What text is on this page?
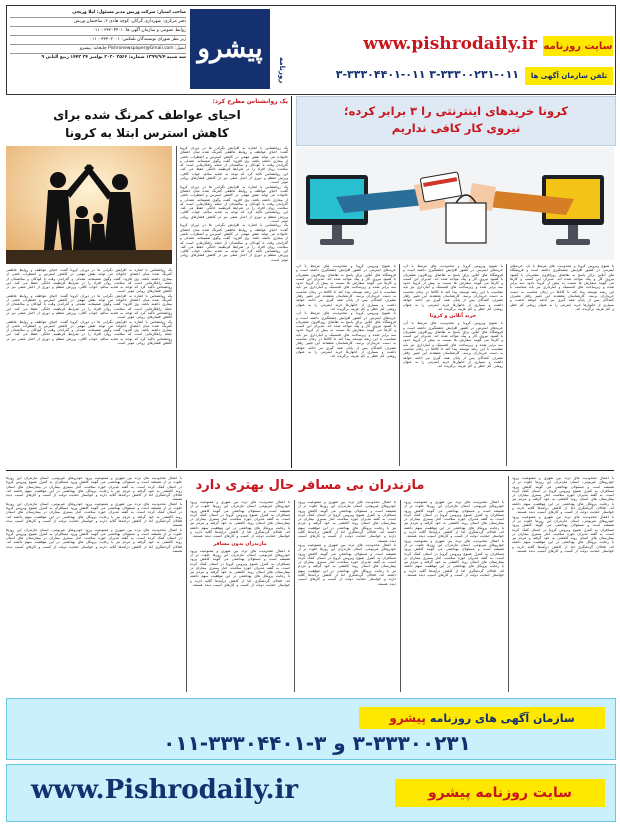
صاحب امتیاز: شرکت ورنش مدیر مسئول: لیلا وریجی
دفتر مرکزی: شهرداری گرگان، کوچه هادی ۲، ساختمان ورنش
روابط عمومی و سازمان آگهی ها: ۳۳۳۰۴۴۰۱ - ۰۱۱
زیر نظر شورای نویسندگان تلفکس: ۳۳۳۰۲۰۰۱ - ۰۱۱
ایمیل: Pishronewspaper@Gmail.com چاپخانه: پیشرو
سه شنبه ۱۳۹۹/۹/۴ شماره: ۲۵۶۶ ۲۰۲۰ نوامبر ۲۴ ۱۴۴۲ ربیع الثانی ۹ پیشرو
روزنامه
سایت روزنامه
www.pishrodaily.ir
تلفن سازمان آگهی ها
۳-۳۳۳۰۰۲۳۱-۰۱۱ ۳-۳۳۳۰۴۴۰۱-۰۱۱
کرونا خریدهای اینترنتی را ۳ برابر کرده؛
نیروی کار کافی نداریم
با شیوع ویروس کرونا و محدودیت های مرتبط با آن، خریدهای اینترنتی در کشور افزایش چشمگیری داشته است و فروشگاه های آنلاین برای پاسخ به تقاضای روزافزون مشتریان با کمبود نیروی کار و پیک مواجه شده اند. مدیران این کسب و کارها می گویند سفارش ها نسبت به پیش از کرونا حدود سه برابر شده و زیرساخت های لجستیک و انبارداری نیز باید متناسب با این رشد توسعه پیدا کند تا کالاها در زمان مناسب به دست خریداران برسد. کارشناسان معتقدند این تغییر رفتار مصرف کنندگان پس از پایان همه گیری نیز ادامه خواهد داشت و بسیاری از خانوارها خرید اینترنتی را به عنوان روشی کم خطر و کم هزینه برگزیده اند.
با شیوع ویروس کرونا و محدودیت های مرتبط با آن، خریدهای اینترنتی در کشور افزایش چشمگیری داشته است و فروشگاه های آنلاین برای پاسخ به تقاضای روزافزون مشتریان با کمبود نیروی کار و پیک مواجه شده اند. مدیران این کسب و کارها می گویند سفارش ها نسبت به پیش از کرونا حدود سه برابر شده و زیرساخت های لجستیک و انبارداری نیز باید متناسب با این رشد توسعه پیدا کند تا کالاها در زمان مناسب به دست خریداران برسد. کارشناسان معتقدند این تغییر رفتار مصرف کنندگان پس از پایان همه گیری نیز ادامه خواهد داشت و بسیاری از خانوارها خرید اینترنتی را به عنوان روشی کم خطر و کم هزینه برگزیده اند.
خرید آنلاین و کرونا
با شیوع ویروس کرونا و محدودیت های مرتبط با آن، خریدهای اینترنتی در کشور افزایش چشمگیری داشته است و فروشگاه های آنلاین برای پاسخ به تقاضای روزافزون مشتریان با کمبود نیروی کار و پیک مواجه شده اند. مدیران این کسب و کارها می گویند سفارش ها نسبت به پیش از کرونا حدود سه برابر شده و زیرساخت های لجستیک و انبارداری نیز باید متناسب با این رشد توسعه پیدا کند تا کالاها در زمان مناسب به دست خریداران برسد. کارشناسان معتقدند این تغییر رفتار مصرف کنندگان پس از پایان همه گیری نیز ادامه خواهد داشت و بسیاری از خانوارها خرید اینترنتی را به عنوان روشی کم خطر و کم هزینه برگزیده اند.
با شیوع ویروس کرونا و محدودیت های مرتبط با آن، خریدهای اینترنتی در کشور افزایش چشمگیری داشته است و فروشگاه های آنلاین برای پاسخ به تقاضای روزافزون مشتریان با کمبود نیروی کار و پیک مواجه شده اند. مدیران این کسب و کارها می گویند سفارش ها نسبت به پیش از کرونا حدود سه برابر شده و زیرساخت های لجستیک و انبارداری نیز باید متناسب با این رشد توسعه پیدا کند تا کالاها در زمان مناسب به دست خریداران برسد. کارشناسان معتقدند این تغییر رفتار مصرف کنندگان پس از پایان همه گیری نیز ادامه خواهد داشت و بسیاری از خانوارها خرید اینترنتی را به عنوان روشی کم خطر و کم هزینه برگزیده اند.
با شیوع ویروس کرونا و محدودیت های مرتبط با آن، خریدهای اینترنتی در کشور افزایش چشمگیری داشته است و فروشگاه های آنلاین برای پاسخ به تقاضای روزافزون مشتریان با کمبود نیروی کار و پیک مواجه شده اند. مدیران این کسب و کارها می گویند سفارش ها نسبت به پیش از کرونا حدود سه برابر شده و زیرساخت های لجستیک و انبارداری نیز باید متناسب با این رشد توسعه پیدا کند تا کالاها در زمان مناسب به دست خریداران برسد. کارشناسان معتقدند این تغییر رفتار مصرف کنندگان پس از پایان همه گیری نیز ادامه خواهد داشت و بسیاری از خانوارها خرید اینترنتی را به عنوان روشی کم خطر و کم هزینه برگزیده اند.
یک روانشناس مطرح کرد:
احیای عواطف کمرنگ شده برای
کاهش استرس ابتلا به کرونا
یک روانشناس با اشاره به افزایش نگرانی ها در دوران کرونا گفت: احیای عواطف و روابط عاطفی کمرنگ شده میان اعضای خانواده می تواند نقش مهمی در کاهش استرس و اضطراب ناشی از بیماری داشته باشد. وی افزود: گفت وگوی صمیمانه، همدلی و گذراندن وقت با کودکان و سالمندان از جمله راهکارهایی است که سلامت روان افراد را در شرایط قرنطینه خانگی حفظ می کند. این روانشناس تاکید کرد که توجه به تغذیه سالم، خواب کافی، ورزش منظم و دوری از اخبار منفی نیز در کاهش فشارهای روانی موثر است.
یک روانشناس با اشاره به افزایش نگرانی ها در دوران کرونا گفت: احیای عواطف و روابط عاطفی کمرنگ شده میان اعضای خانواده می تواند نقش مهمی در کاهش استرس و اضطراب ناشی از بیماری داشته باشد. وی افزود: گفت وگوی صمیمانه، همدلی و گذراندن وقت با کودکان و سالمندان از جمله راهکارهایی است که سلامت روان افراد را در شرایط قرنطینه خانگی حفظ می کند. این روانشناس تاکید کرد که توجه به تغذیه سالم، خواب کافی، ورزش منظم و دوری از اخبار منفی نیز در کاهش فشارهای روانی موثر است.
یک روانشناس با اشاره به افزایش نگرانی ها در دوران کرونا گفت: احیای عواطف و روابط عاطفی کمرنگ شده میان اعضای خانواده می تواند نقش مهمی در کاهش استرس و اضطراب ناشی از بیماری داشته باشد. وی افزود: گفت وگوی صمیمانه، همدلی و گذراندن وقت با کودکان و سالمندان از جمله راهکارهایی است که سلامت روان افراد را در شرایط قرنطینه خانگی حفظ می کند. این روانشناس تاکید کرد که توجه به تغذیه سالم، خواب کافی، ورزش منظم و دوری از اخبار منفی نیز در کاهش فشارهای روانی موثر است.
یک روانشناس با اشاره به افزایش نگرانی ها در دوران کرونا گفت: احیای عواطف و روابط عاطفی کمرنگ شده میان اعضای خانواده می تواند نقش مهمی در کاهش استرس و اضطراب ناشی از بیماری داشته باشد. وی افزود: گفت وگوی صمیمانه، همدلی و گذراندن وقت با کودکان و سالمندان از جمله راهکارهایی است که سلامت روان افراد را در شرایط قرنطینه خانگی حفظ می کند. این روانشناس تاکید کرد که توجه به تغذیه سالم، خواب کافی، ورزش منظم و دوری از اخبار منفی نیز در کاهش فشارهای روانی موثر است.
یک روانشناس با اشاره به افزایش نگرانی ها در دوران کرونا گفت: احیای عواطف و روابط عاطفی کمرنگ شده میان اعضای خانواده می تواند نقش مهمی در کاهش استرس و اضطراب ناشی از بیماری داشته باشد. وی افزود: گفت وگوی صمیمانه، همدلی و گذراندن وقت با کودکان و سالمندان از جمله راهکارهایی است که سلامت روان افراد را در شرایط قرنطینه خانگی حفظ می کند. این روانشناس تاکید کرد که توجه به تغذیه سالم، خواب کافی، ورزش منظم و دوری از اخبار منفی نیز در کاهش فشارهای روانی موثر است.
یک روانشناس با اشاره به افزایش نگرانی ها در دوران کرونا گفت: احیای عواطف و روابط عاطفی کمرنگ شده میان اعضای خانواده می تواند نقش مهمی در کاهش استرس و اضطراب ناشی از بیماری داشته باشد. وی افزود: گفت وگوی صمیمانه، همدلی و گذراندن وقت با کودکان و سالمندان از جمله راهکارهایی است که سلامت روان افراد را در شرایط قرنطینه خانگی حفظ می کند. این روانشناس تاکید کرد که توجه به تغذیه سالم، خواب کافی، ورزش منظم و دوری از اخبار منفی نیز در کاهش فشارهای روانی موثر است.
مازندران بی مسافر حال بهتری دارد	با اعمال محدودیت های تردد بین شهری و ممنوعیت ورود خودروهای غیربومی، استان مازندران این روزها خلوت تر از همیشه است و مسئولان بهداشتی می گویند کاهش ورود مسافران به کنترل شیوع ویروس کرونا در استان کمک کرده است. به گفته مدیران حوزه سلامت، آمار بستری بیماران در بیمارستان های استان روند کاهشی به خود گرفته و مردم نیز با رعایت پروتکل های بهداشتی در این موفقیت سهم داشته اند. فعالان گردشگری اما از کاهش درآمدها گلایه دارند و خواستار حمایت دولت از کسب و کارهای آسیب دیده هستند.
با اعمال محدودیت های تردد بین شهری و ممنوعیت ورود خودروهای غیربومی، استان مازندران این روزها خلوت تر از همیشه است و مسئولان بهداشتی می گویند کاهش ورود مسافران به کنترل شیوع ویروس کرونا در استان کمک کرده است. به گفته مدیران حوزه سلامت، آمار بستری بیماران در بیمارستان های استان روند کاهشی به خود گرفته و مردم نیز با رعایت پروتکل های بهداشتی در این موفقیت سهم داشته اند. فعالان گردشگری اما از کاهش درآمدها گلایه دارند و خواستار حمایت دولت از کسب و کارهای آسیب دیده هستند.
با اعمال محدودیت های تردد بین شهری و ممنوعیت ورود خودروهای غیربومی، استان مازندران این روزها خلوت تر از همیشه است و مسئولان بهداشتی می گویند کاهش ورود مسافران به کنترل شیوع ویروس کرونا در استان کمک کرده است. به گفته مدیران حوزه سلامت، آمار بستری بیماران در بیمارستان های استان روند کاهشی به خود گرفته و مردم نیز با رعایت پروتکل های بهداشتی در این موفقیت سهم داشته اند. فعالان گردشگری اما از کاهش درآمدها گلایه دارند و خواستار حمایت دولت از کسب و کارهای آسیب دیده هستند.
با اعمال محدودیت های تردد بین شهری و ممنوعیت ورود خودروهای غیربومی، استان مازندران این روزها خلوت تر از همیشه است و مسئولان بهداشتی می گویند کاهش ورود مسافران به کنترل شیوع ویروس کرونا در استان کمک کرده است. به گفته مدیران حوزه سلامت، آمار بستری بیماران در بیمارستان های استان روند کاهشی به خود گرفته و مردم نیز با رعایت پروتکل های بهداشتی در این موفقیت سهم داشته اند. فعالان گردشگری اما از کاهش درآمدها گلایه دارند و خواستار حمایت دولت از کسب و کارهای آسیب دیده هستند.
با اعمال محدودیت های تردد بین شهری و ممنوعیت ورود خودروهای غیربومی، استان مازندران این روزها خلوت تر از همیشه است و مسئولان بهداشتی می گویند کاهش ورود مسافران به کنترل شیوع ویروس کرونا در استان کمک کرده است. به گفته مدیران حوزه سلامت، آمار بستری بیماران در بیمارستان های استان روند کاهشی به خود گرفته و مردم نیز با رعایت پروتکل های بهداشتی در این موفقیت سهم داشته اند. فعالان گردشگری اما از کاهش درآمدها گلایه دارند و خواستار حمایت دولت از کسب و کارهای آسیب دیده هستند.
با اعمال محدودیت های تردد بین شهری و ممنوعیت ورود خودروهای غیربومی، استان مازندران این روزها خلوت تر از همیشه است و مسئولان بهداشتی می گویند کاهش ورود مسافران به کنترل شیوع ویروس کرونا در استان کمک کرده است. به گفته مدیران حوزه سلامت، آمار بستری بیماران در بیمارستان های استان روند کاهشی به خود گرفته و مردم نیز با رعایت پروتکل های بهداشتی در این موفقیت سهم داشته اند. فعالان گردشگری اما از کاهش درآمدها گلایه دارند و خواستار حمایت دولت از کسب و کارهای آسیب دیده هستند.
با اعمال محدودیت های تردد بین شهری و ممنوعیت ورود خودروهای غیربومی، استان مازندران این روزها خلوت تر از همیشه است و مسئولان بهداشتی می گویند کاهش ورود مسافران به کنترل شیوع ویروس کرونا در استان کمک کرده است. به گفته مدیران حوزه سلامت، آمار بستری بیماران در بیمارستان های استان روند کاهشی به خود گرفته و مردم نیز با رعایت پروتکل های بهداشتی در این موفقیت سهم داشته اند. فعالان گردشگری اما از کاهش درآمدها گلایه دارند و خواستار حمایت دولت از کسب و کارهای آسیب دیده هستند.
مازندران بدون مسافر
با اعمال محدودیت های تردد بین شهری و ممنوعیت ورود خودروهای غیربومی، استان مازندران این روزها خلوت تر از همیشه است و مسئولان بهداشتی می گویند کاهش ورود مسافران به کنترل شیوع ویروس کرونا در استان کمک کرده است. به گفته مدیران حوزه سلامت، آمار بستری بیماران در بیمارستان های استان روند کاهشی به خود گرفته و مردم نیز با رعایت پروتکل های بهداشتی در این موفقیت سهم داشته اند. فعالان گردشگری اما از کاهش درآمدها گلایه دارند و خواستار حمایت دولت از کسب و کارهای آسیب دیده هستند.
با اعمال محدودیت های تردد بین شهری و ممنوعیت ورود خودروهای غیربومی، استان مازندران این روزها خلوت تر از همیشه است و مسئولان بهداشتی می گویند کاهش ورود مسافران به کنترل شیوع ویروس کرونا در استان کمک کرده است. به گفته مدیران حوزه سلامت، آمار بستری بیماران در بیمارستان های استان روند کاهشی به خود گرفته و مردم نیز با رعایت پروتکل های بهداشتی در این موفقیت سهم داشته اند. فعالان گردشگری اما از کاهش درآمدها گلایه دارند و خواستار حمایت دولت از کسب و کارهای آسیب دیده هستند.
با اعمال محدودیت های تردد بین شهری و ممنوعیت ورود خودروهای غیربومی، استان مازندران این روزها خلوت تر از همیشه است و مسئولان بهداشتی می گویند کاهش ورود مسافران به کنترل شیوع ویروس کرونا در استان کمک کرده است. به گفته مدیران حوزه سلامت، آمار بستری بیماران در بیمارستان های استان روند کاهشی به خود گرفته و مردم نیز با رعایت پروتکل های بهداشتی در این موفقیت سهم داشته اند. فعالان گردشگری اما از کاهش درآمدها گلایه دارند و خواستار حمایت دولت از کسب و کارهای آسیب دیده هستند.
با اعمال محدودیت های تردد بین شهری و ممنوعیت ورود خودروهای غیربومی، استان مازندران این روزها خلوت تر از همیشه است و مسئولان بهداشتی می گویند کاهش ورود مسافران به کنترل شیوع ویروس کرونا در استان کمک کرده است. به گفته مدیران حوزه سلامت، آمار بستری بیماران در بیمارستان های استان روند کاهشی به خود گرفته و مردم نیز با رعایت پروتکل های بهداشتی در این موفقیت سهم داشته اند. فعالان گردشگری اما از کاهش درآمدها گلایه دارند و خواستار حمایت دولت از کسب و کارهای آسیب دیده هستند.
سازمان آگهی های روزنامه
پیشرو
۳-۳۳۳۰۰۲۳۱ و ۳-۳۳۳۰۴۴۰۱-۰۱۱
سایت روزنامه پیشرو
www.Pishrodaily.ir
